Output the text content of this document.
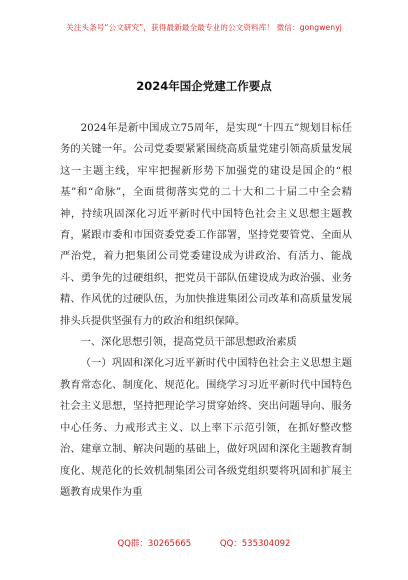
关注头条号“公文研究”，获得最新最全最专业的公文资料库！ 微信：gongwenyj
2024年国企党建工作要点

2024年是新中国成立75周年，是实现“十四五”规划目标任务的关键一年。公司党委要紧紧围绕高质量党建引领高质量发展这一主题主线，牢牢把握新形势下加强党的建设是国企的“根基”和“命脉”，全面贯彻落实党的二十大和二十届二中全会精神，持续巩固深化习近平新时代中国特色社会主义思想主题教育，紧跟市委和市国资委党委工作部署，坚持党要管党、全面从严治党，着力把集团公司党委建设成为讲政治、有活力、能战斗、勇争先的过硬组织，把党员干部队伍建设成为政治强、业务精、作风优的过硬队伍，为加快推进集团公司改革和高质量发展排头兵提供坚强有力的政治和组织保障。

一、深化思想引领，提高党员干部思想政治素质

（一）巩固和深化习近平新时代中国特色社会主义思想主题教育常态化、制度化、规范化。围绕学习习近平新时代中国特色社会主义思想，坚持把理论学习贯穿始终、突出问题导向、服务中心任务、力戒形式主义、以上率下示范引领，在抓好整改整治、建章立制、解决问题的基础上，做好巩固和深化主题教育制度化、规范化的长效机制集团公司各级党组织要将巩固和扩展主题教育成果作为重

QQ群：30265665	QQ：535304092
